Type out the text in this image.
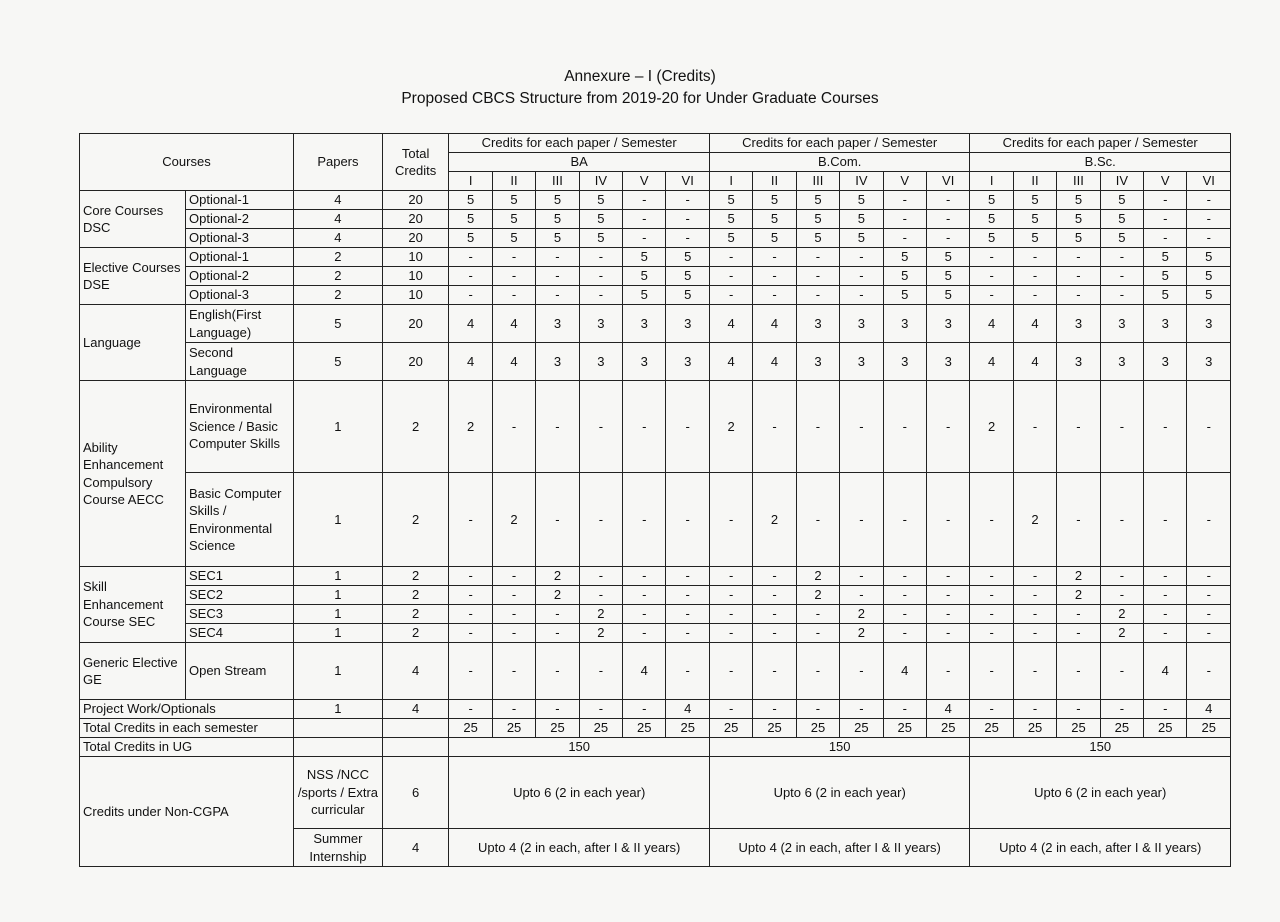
Annexure – I (Credits)
Proposed CBCS Structure from 2019-20 for Under Graduate Courses
Courses		Papers	Total Credits	Credits for each paper / Semester						Credits for each paper / Semester						Credits for each paper / Semester					
				BA						B.Com.						B.Sc.					
				I	II	III	IV	V	VI	I	II	III	IV	V	VI	I	II	III	IV	V	VI
Core Courses DSC	Optional-1	4	20	5	5	5	5	-	-	5	5	5	5	-	-	5	5	5	5	-	-
	Optional-2	4	20	5	5	5	5	-	-	5	5	5	5	-	-	5	5	5	5	-	-
	Optional-3	4	20	5	5	5	5	-	-	5	5	5	5	-	-	5	5	5	5	-	-
Elective Courses DSE	Optional-1	2	10	-	-	-	-	5	5	-	-	-	-	5	5	-	-	-	-	5	5
	Optional-2	2	10	-	-	-	-	5	5	-	-	-	-	5	5	-	-	-	-	5	5
	Optional-3	2	10	-	-	-	-	5	5	-	-	-	-	5	5	-	-	-	-	5	5
Language	English(First Language)	5	20	4	4	3	3	3	3	4	4	3	3	3	3	4	4	3	3	3	3
	Second Language	5	20	4	4	3	3	3	3	4	4	3	3	3	3	4	4	3	3	3	3
Ability Enhancement Compulsory Course AECC	Environmental Science / Basic Computer Skills	1	2	2	-	-	-	-	-	2	-	-	-	-	-	2	-	-	-	-	-
	Basic Computer Skills / Environmental Science	1	2	-	2	-	-	-	-	-	2	-	-	-	-	-	2	-	-	-	-
Skill Enhancement Course SEC	SEC1	1	2	-	-	2	-	-	-	-	-	2	-	-	-	-	-	2	-	-	-
	SEC2	1	2	-	-	2	-	-	-	-	-	2	-	-	-	-	-	2	-	-	-
	SEC3	1	2	-	-	-	2	-	-	-	-	-	2	-	-	-	-	-	2	-	-
	SEC4	1	2	-	-	-	2	-	-	-	-	-	2	-	-	-	-	-	2	-	-
Generic Elective GE	Open Stream	1	4	-	-	-	-	4	-	-	-	-	-	4	-	-	-	-	-	4	-
Project Work/Optionals		1	4	-	-	-	-	-	4	-	-	-	-	-	4	-	-	-	-	-	4
Total Credits in each semester				25	25	25	25	25	25	25	25	25	25	25	25	25	25	25	25	25	25
Total Credits in UG				150						150						150					
Credits under Non-CGPA		NSS /NCC /sports / Extra curricular	6	Upto 6 (2 in each year)						Upto 6 (2 in each year)						Upto 6 (2 in each year)					
		Summer Internship	4	Upto 4 (2 in each, after I & II years)						Upto 4 (2 in each, after I & II years)						Upto 4 (2 in each, after I & II years)					
